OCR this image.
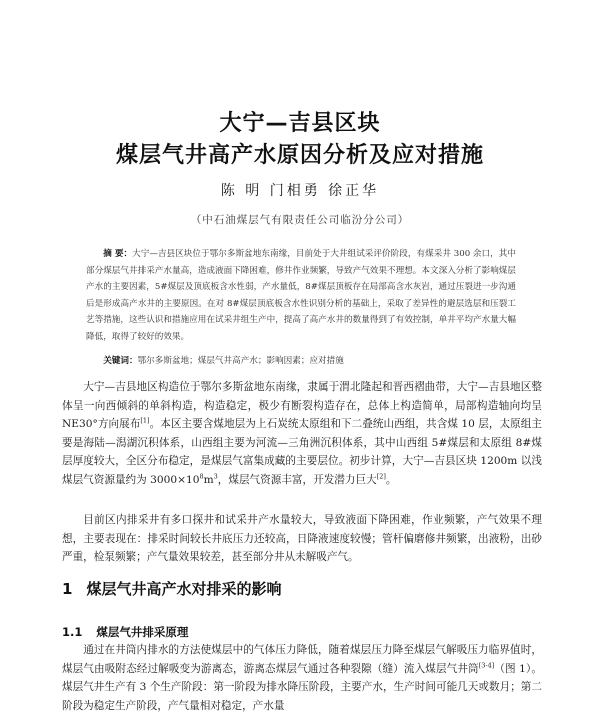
大宁—吉县区块
煤层气井高产水原因分析及应对措施
陈 明 门相勇 徐正华
（中石油煤层气有限责任公司临汾分公司）
摘 要：大宁—吉县区块位于鄂尔多斯盆地东南缘，目前处于大井组试采评价阶段，有煤采井 300 余口，其中部分煤层气井排采产水量高，造成液面下降困难，修井作业频繁，导致产气效果不理想。本文深入分析了影响煤层产水的主要因素，5#煤层及顶底板含水性弱，产水量低，8#煤层顶板存在局部高含水灰岩，通过压裂进一步沟通后是形成高产水井的主要原因。在对 8#煤层顶底板含水性识别分析的基础上，采取了差异性的避层选层和压裂工艺等措施，这些认识和措施应用在试采井组生产中，提高了高产水井的数量得到了有效控制，单井平均产水量大幅降低，取得了较好的效果。
关键词：鄂尔多斯盆地；煤层气井高产水；影响因素；应对措施
大宁—吉县地区构造位于鄂尔多斯盆地东南缘，隶属于渭北隆起和晋西褶曲带，大宁—吉县地区整体呈一向西倾斜的单斜构造，构造稳定，极少有断裂构造存在，总体上构造简单，局部构造轴向均呈 NE30°方向展布[1]。本区主要含煤地层为上石炭统太原组和下二叠统山西组，共含煤 10 层，太原组主要是海陆—潟湖沉积体系，山西组主要为河流—三角洲沉积体系，其中山西组 5#煤层和太原组 8#煤层厚度较大，全区分布稳定，是煤层气富集成藏的主要层位。初步计算，大宁—吉县区块 1200m 以浅煤层气资源量约为 $3000\times 10^8m^3$，煤层气资源丰富，开发潜力巨大[2]。
目前区内排采井有多口探井和试采井产水量较大，导致液面下降困难，作业频繁，产气效果不理想，主要表现在：排采时间较长井底压力还较高，日降液速度较慢；管杆偏磨修井频繁，出液粉，出砂严重，检泵频繁；产气量效果较差，甚至部分井从未解吸产气。
1 煤层气井高产水对排采的影响
1.1 煤层气井排采原理
通过在井筒内排水的方法使煤层中的气体压力降低，随着煤层压力降至煤层气解吸压力临界值时，煤层气由吸附态经过解吸变为游离态，游离态煤层气通过各种裂隙（缝）流入煤层气井筒[3-4]（图 1）。煤层气井生产有 3 个生产阶段：第一阶段为排水降压阶段，主要产水，生产时间可能几天或数月；第二阶段为稳定生产阶段，产气量相对稳定，产水量
